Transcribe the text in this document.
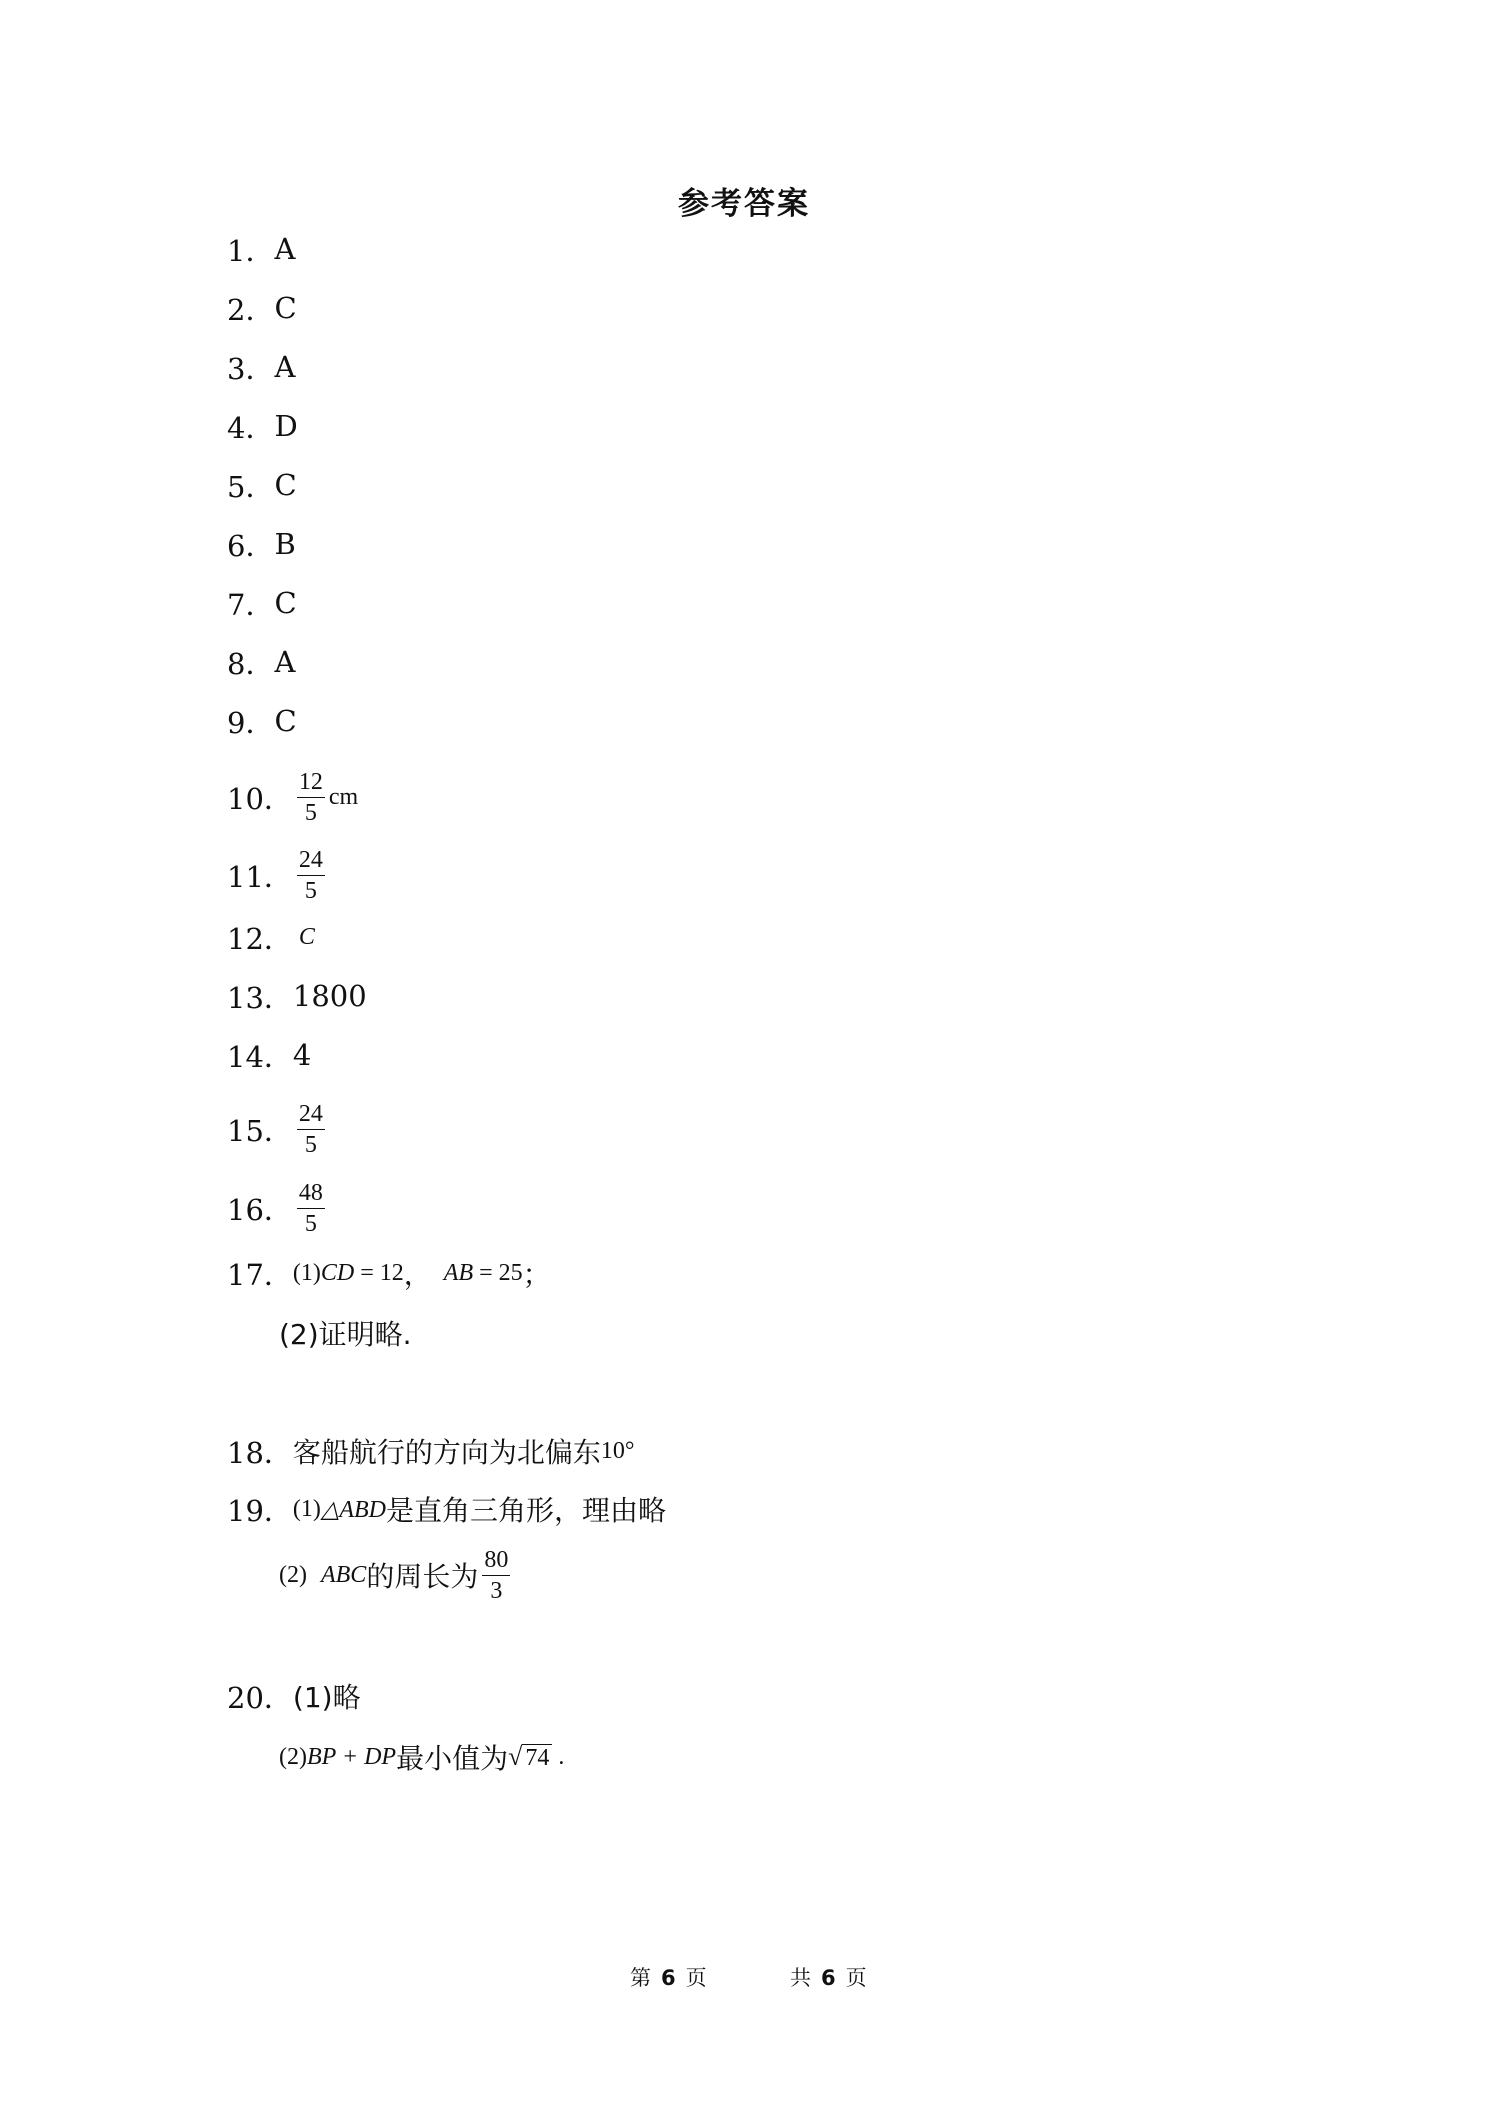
参考答案
1． A
2． C
3． A
4． D
5． C
6． B
7． C
8． A
9． C
10． $\frac{12}{5}$ cm
11． $\frac{24}{5}$
12． C
13． 1800
14． 4
15． $\frac{24}{5}$
16． $\frac{48}{5}$
17． (1) CD = 12 ， AB = 25 ；
(2)证明略.
18． 客船航行的方向为北偏东 10°
19． (1) △ABD 是直角三角形，理由略
(2) ABC 的周长为 $\frac{80}{3}$
20． (1)略
(2) BP + DP 最小值为 √ 74 .
第 6 页	共 6 页
